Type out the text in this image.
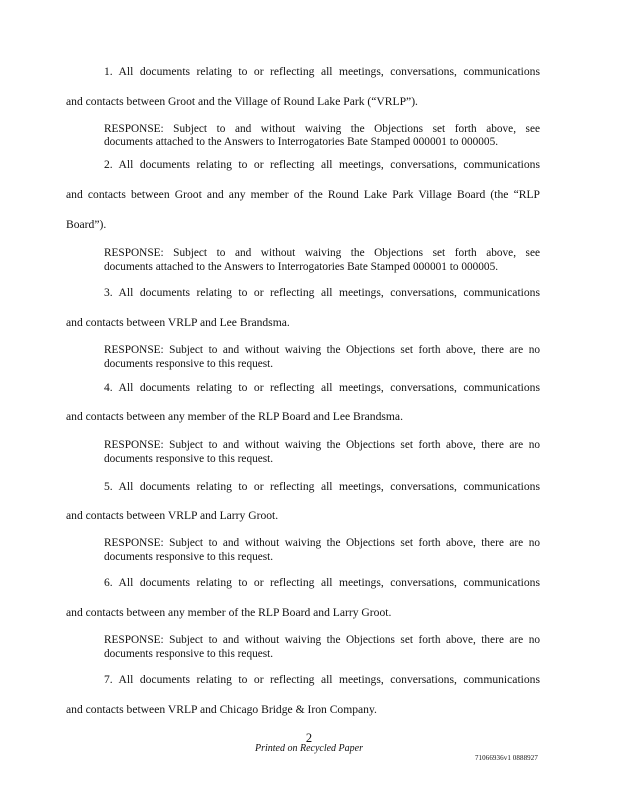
1. All documents relating to or reflecting all meetings, conversations, communications
and contacts between Groot and the Village of Round Lake Park (“VRLP”).
RESPONSE: Subject to and without waiving the Objections set forth above, see
documents attached to the Answers to Interrogatories Bate Stamped 000001 to 000005.
2. All documents relating to or reflecting all meetings, conversations, communications
and contacts between Groot and any member of the Round Lake Park Village Board (the “RLP
Board”).
RESPONSE: Subject to and without waiving the Objections set forth above, see
documents attached to the Answers to Interrogatories Bate Stamped 000001 to 000005.
3. All documents relating to or reflecting all meetings, conversations, communications
and contacts between VRLP and Lee Brandsma.
RESPONSE: Subject to and without waiving the Objections set forth above, there are no
documents responsive to this request.
4. All documents relating to or reflecting all meetings, conversations, communications
and contacts between any member of the RLP Board and Lee Brandsma.
RESPONSE: Subject to and without waiving the Objections set forth above, there are no
documents responsive to this request.
5. All documents relating to or reflecting all meetings, conversations, communications
and contacts between VRLP and Larry Groot.
RESPONSE: Subject to and without waiving the Objections set forth above, there are no
documents responsive to this request.
6. All documents relating to or reflecting all meetings, conversations, communications
and contacts between any member of the RLP Board and Larry Groot.
RESPONSE: Subject to and without waiving the Objections set forth above, there are no
documents responsive to this request.
7. All documents relating to or reflecting all meetings, conversations, communications
and contacts between VRLP and Chicago Bridge & Iron Company.
2
Printed on Recycled Paper
71066936v1 0888927
